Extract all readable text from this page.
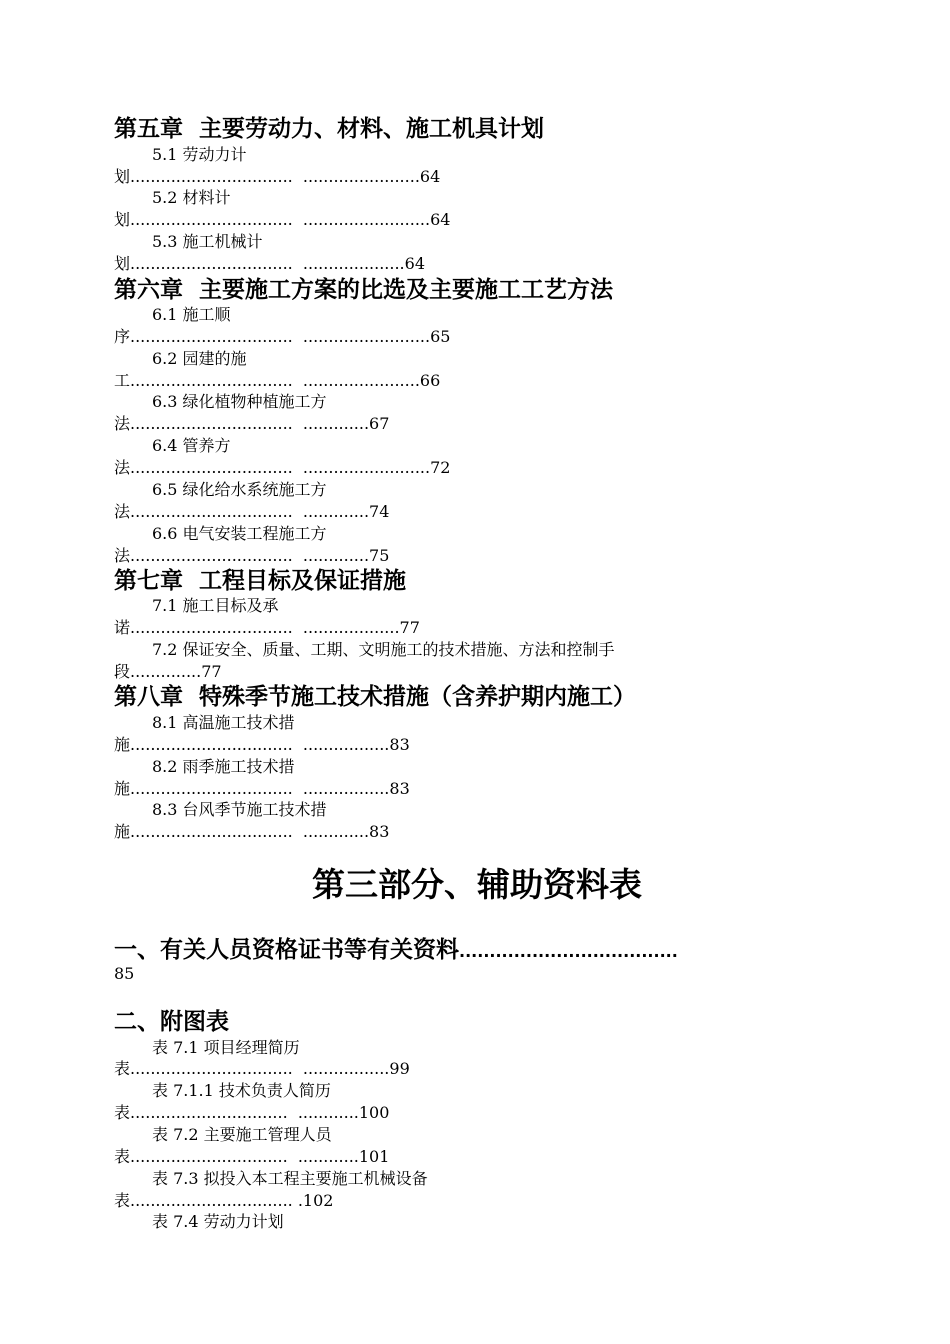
第五章  主要劳动力、材料、施工机具计划
5.1 劳动力计
划................................  .......................64
5.2 材料计
划................................  .........................64
5.3 施工机械计
划................................  ....................64
第六章  主要施工方案的比选及主要施工工艺方法
6.1 施工顺
序................................  .........................65
6.2 园建的施
工................................  .......................66
6.3 绿化植物种植施工方
法................................  .............67
6.4 管养方
法................................  .........................72
6.5 绿化给水系统施工方
法................................  .............74
6.6 电气安装工程施工方
法................................  .............75
第七章  工程目标及保证措施
7.1 施工目标及承
诺................................  ...................77
7.2 保证安全、质量、工期、文明施工的技术措施、方法和控制手
段..............77
第八章  特殊季节施工技术措施（含养护期内施工）
8.1 高温施工技术措
施................................  .................83
8.2 雨季施工技术措
施................................  .................83
8.3 台风季节施工技术措
施................................  .............83
第三部分、辅助资料表
一、有关人员资格证书等有关资料....................................
85
二、附图表
表 7.1 项目经理简历
表................................  .................99
表 7.1.1 技术负责人简历
表...............................  ............100
表 7.2 主要施工管理人员
表...............................  ............101
表 7.3 拟投入本工程主要施工机械设备
表................................ .102
表 7.4 劳动力计划
